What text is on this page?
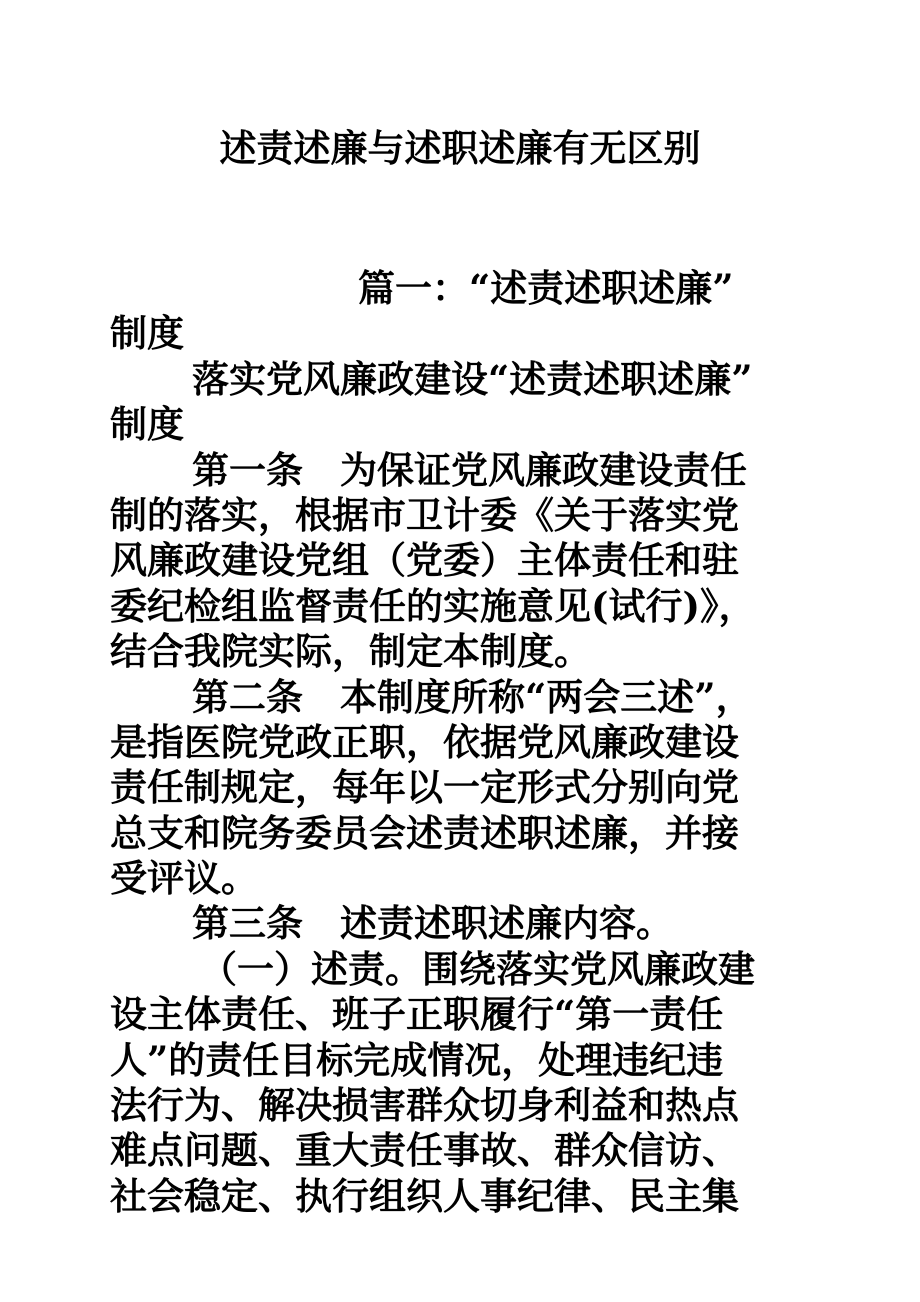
述责述廉与述职述廉有无区别
篇一：“述责述职述廉”
制度
落实党风廉政建设“述责述职述廉”
制度
第一条　为保证党风廉政建设责任
制的落实，根据市卫计委《关于落实党
风廉政建设党组（党委）主体责任和驻
委纪检组监督责任的实施意见(试行)》，
结合我院实际，制定本制度。
第二条　本制度所称“两会三述”，
是指医院党政正职，依据党风廉政建设
责任制规定，每年以一定形式分别向党
总支和院务委员会述责述职述廉，并接
受评议。
第三条　述责述职述廉内容。
（一）述责。围绕落实党风廉政建
设主体责任、班子正职履行“第一责任
人”的责任目标完成情况，处理违纪违
法行为、解决损害群众切身利益和热点
难点问题、重大责任事故、群众信访、
社会稳定、执行组织人事纪律、民主集
